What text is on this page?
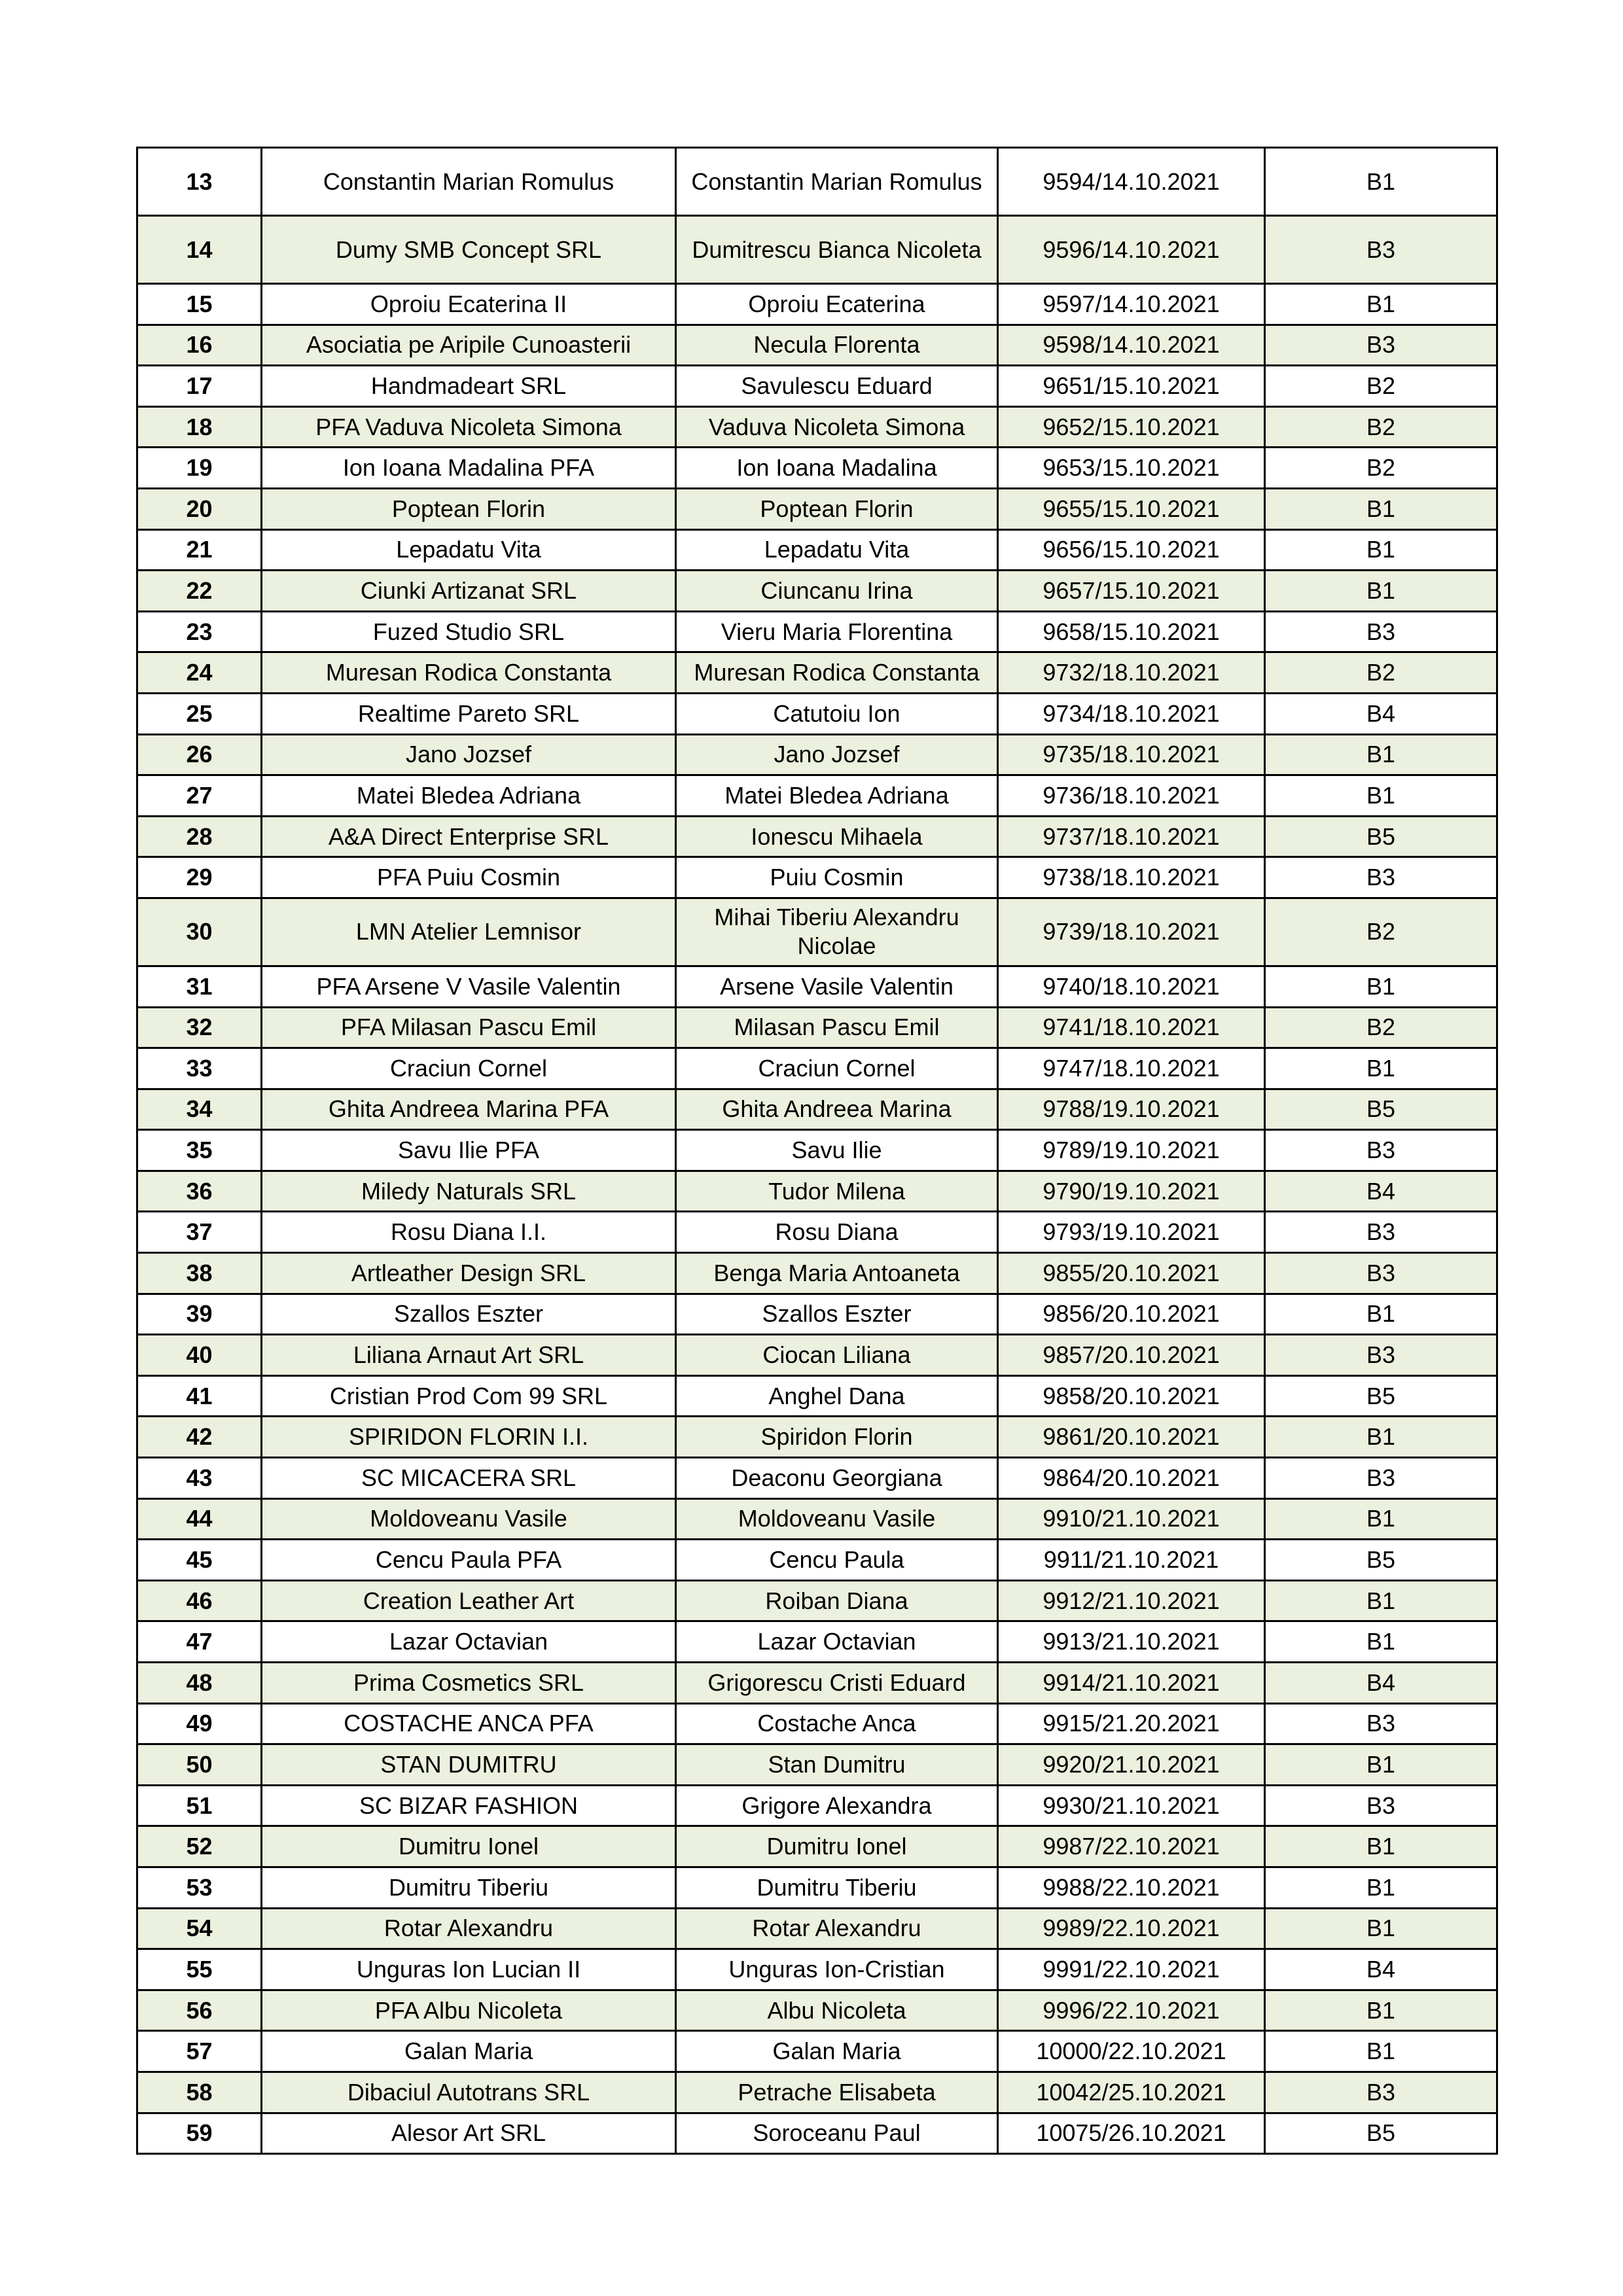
13	Constantin Marian Romulus	Constantin Marian Romulus	9594/14.10.2021	B1
14	Dumy SMB Concept SRL	Dumitrescu Bianca Nicoleta	9596/14.10.2021	B3
15	Oproiu Ecaterina II	Oproiu Ecaterina	9597/14.10.2021	B1
16	Asociatia pe Aripile Cunoasterii	Necula Florenta	9598/14.10.2021	B3
17	Handmadeart SRL	Savulescu Eduard	9651/15.10.2021	B2
18	PFA Vaduva Nicoleta Simona	Vaduva Nicoleta Simona	9652/15.10.2021	B2
19	Ion Ioana Madalina PFA	Ion Ioana Madalina	9653/15.10.2021	B2
20	Poptean Florin	Poptean Florin	9655/15.10.2021	B1
21	Lepadatu Vita	Lepadatu Vita	9656/15.10.2021	B1
22	Ciunki Artizanat SRL	Ciuncanu Irina	9657/15.10.2021	B1
23	Fuzed Studio SRL	Vieru Maria Florentina	9658/15.10.2021	B3
24	Muresan Rodica Constanta	Muresan Rodica Constanta	9732/18.10.2021	B2
25	Realtime Pareto SRL	Catutoiu Ion	9734/18.10.2021	B4
26	Jano Jozsef	Jano Jozsef	9735/18.10.2021	B1
27	Matei Bledea Adriana	Matei Bledea Adriana	9736/18.10.2021	B1
28	A&A Direct Enterprise SRL	Ionescu Mihaela	9737/18.10.2021	B5
29	PFA Puiu Cosmin	Puiu Cosmin	9738/18.10.2021	B3
30	LMN Atelier Lemnisor	Mihai Tiberiu Alexandru Nicolae	9739/18.10.2021	B2
31	PFA Arsene V Vasile Valentin	Arsene Vasile Valentin	9740/18.10.2021	B1
32	PFA Milasan Pascu Emil	Milasan Pascu Emil	9741/18.10.2021	B2
33	Craciun Cornel	Craciun Cornel	9747/18.10.2021	B1
34	Ghita Andreea Marina PFA	Ghita Andreea Marina	9788/19.10.2021	B5
35	Savu Ilie PFA	Savu Ilie	9789/19.10.2021	B3
36	Miledy Naturals SRL	Tudor Milena	9790/19.10.2021	B4
37	Rosu Diana I.I.	Rosu Diana	9793/19.10.2021	B3
38	Artleather Design SRL	Benga Maria Antoaneta	9855/20.10.2021	B3
39	Szallos Eszter	Szallos Eszter	9856/20.10.2021	B1
40	Liliana Arnaut Art SRL	Ciocan Liliana	9857/20.10.2021	B3
41	Cristian Prod Com 99 SRL	Anghel Dana	9858/20.10.2021	B5
42	SPIRIDON FLORIN I.I.	Spiridon Florin	9861/20.10.2021	B1
43	SC MICACERA SRL	Deaconu Georgiana	9864/20.10.2021	B3
44	Moldoveanu Vasile	Moldoveanu Vasile	9910/21.10.2021	B1
45	Cencu Paula PFA	Cencu Paula	9911/21.10.2021	B5
46	Creation Leather Art	Roiban Diana	9912/21.10.2021	B1
47	Lazar Octavian	Lazar Octavian	9913/21.10.2021	B1
48	Prima Cosmetics SRL	Grigorescu Cristi Eduard	9914/21.10.2021	B4
49	COSTACHE ANCA PFA	Costache Anca	9915/21.20.2021	B3
50	STAN DUMITRU	Stan Dumitru	9920/21.10.2021	B1
51	SC BIZAR FASHION	Grigore Alexandra	9930/21.10.2021	B3
52	Dumitru Ionel	Dumitru Ionel	9987/22.10.2021	B1
53	Dumitru Tiberiu	Dumitru Tiberiu	9988/22.10.2021	B1
54	Rotar Alexandru	Rotar Alexandru	9989/22.10.2021	B1
55	Unguras Ion Lucian II	Unguras Ion-Cristian	9991/22.10.2021	B4
56	PFA Albu Nicoleta	Albu Nicoleta	9996/22.10.2021	B1
57	Galan Maria	Galan Maria	10000/22.10.2021	B1
58	Dibaciul Autotrans SRL	Petrache Elisabeta	10042/25.10.2021	B3
59	Alesor Art SRL	Soroceanu Paul	10075/26.10.2021	B5
